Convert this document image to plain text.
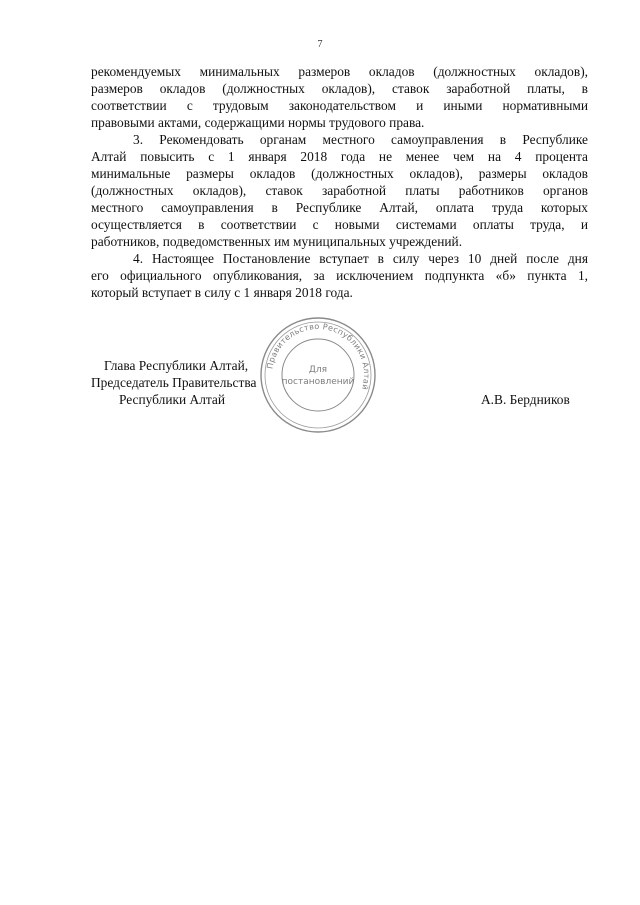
7
рекомендуемых минимальных размеров окладов (должностных окладов),
размеров окладов (должностных окладов), ставок заработной платы, в
соответствии с трудовым законодательством и иными нормативными
правовыми актами, содержащими нормы трудового права.
3. Рекомендовать органам местного самоуправления в Республике
Алтай повысить с 1 января 2018 года не менее чем на 4 процента
минимальные размеры окладов (должностных окладов), размеры окладов
(должностных окладов), ставок заработной платы работников органов
местного самоуправления в Республике Алтай, оплата труда которых
осуществляется в соответствии с новыми системами оплаты труда, и
работников, подведомственных им муниципальных учреждений.
4. Настоящее Постановление вступает в силу через 10 дней после дня
его официального опубликования, за исключением подпункта «б» пункта 1,
который вступает в силу с 1 января 2018 года.
Правительство Республики Алтай
Для
постановлений
Глава Республики Алтай,
Председатель Правительства
Республики Алтай	А.В. Бердников
